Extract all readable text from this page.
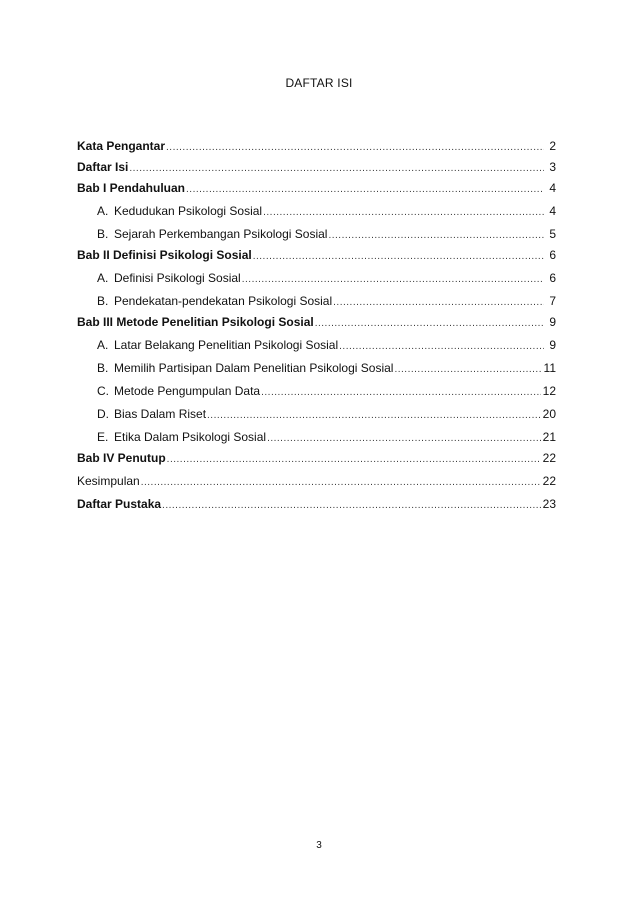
DAFTAR ISI
Kata Pengantar .....	2
Daftar Isi .....	3
Bab I Pendahuluan .....	4
A. Kedudukan Psikologi Sosial .....	4
B. Sejarah Perkembangan Psikologi Sosial .....	5
Bab II Definisi Psikologi Sosial .....	6
A. Definisi Psikologi Sosial .....	6
B. Pendekatan-pendekatan Psikologi Sosial .....	7
Bab III Metode Penelitian Psikologi Sosial .....	9
A. Latar Belakang Penelitian Psikologi Sosial .....	9
B. Memilih Partisipan Dalam Penelitian Psikologi Sosial .....	11
C. Metode Pengumpulan Data .....	12
D. Bias Dalam Riset .....	20
E. Etika Dalam Psikologi Sosial .....	21
Bab IV Penutup .....	22
Kesimpulan .....	22
Daftar Pustaka .....	23
3
